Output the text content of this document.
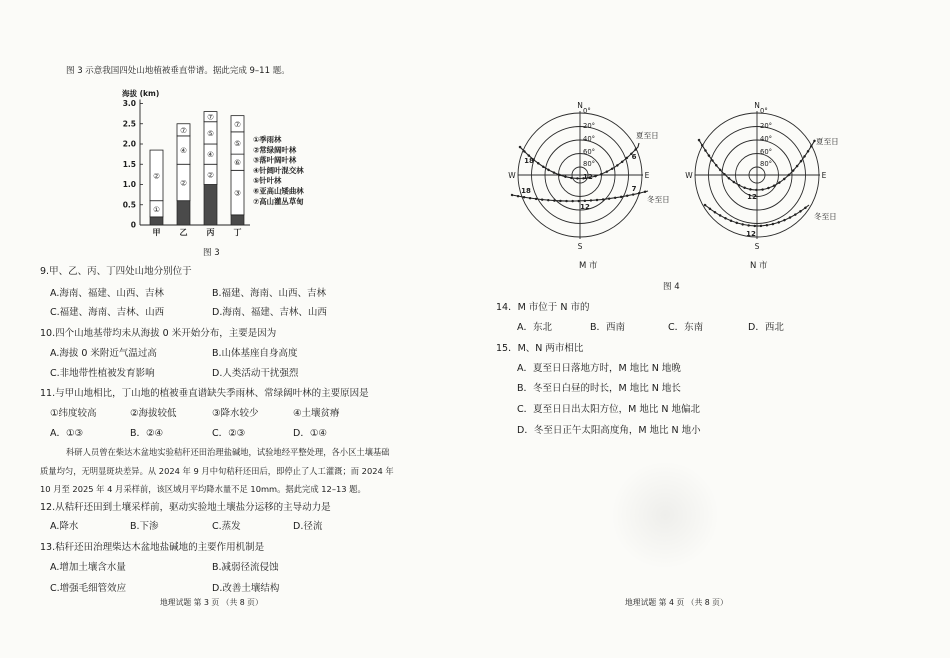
图 3 示意我国四处山地植被垂直带谱。据此完成 9–11 题。
海拔 (km)
0
0.5
1.0
1.5
2.0
2.5
3.0
①
②
甲
②
④
⑦
乙
②
④
⑤
⑦
丙
③
⑥
⑤
⑦
丁
①季雨林
②常绿阔叶林
③落叶阔叶林
④针阔叶混交林
⑤针叶林
⑥亚高山矮曲林
⑦高山灌丛草甸
图 3
9.甲、乙、丙、丁四处山地分别位于
A.海南、福建、山西、吉林	B.福建、海南、山西、吉林
C.福建、海南、吉林、山西	D.海南、福建、吉林、山西
10.四个山地基带均未从海拔 0 米开始分布，主要是因为
A.海拔 0 米附近气温过高	B.山体基座自身高度
C.非地带性植被发育影响	D.人类活动干扰强烈
11.与甲山地相比，丁山地的植被垂直谱缺失季雨林、常绿阔叶林的主要原因是
①纬度较高	②海拔较低	③降水较少	④土壤贫瘠
A．①③	B．②④	C．②③	D．①④
科研人员曾在柴达木盆地实验秸秆还田治理盐碱地，试验地经平整处理，各小区土壤基础
质量均匀，无明显斑块差异。从 2024 年 9 月中旬秸秆还田后，即停止了人工灌溉；而 2024 年
10 月至 2025 年 4 月采样前，该区域月平均降水量不足 10mm。据此完成 12–13 题。
12.从秸秆还田到土壤采样前，驱动实验地土壤盐分运移的主导动力是
A.降水	B.下渗	C.蒸发	D.径流
13.秸秆还田治理柴达木盆地盐碱地的主要作用机制是
A.增加土壤含水量	B.减弱径流侵蚀
C.增强毛细管效应	D.改善土壤结构
地理试题 第 3 页 （共 8 页）
N
S
W	E
0°
20°
40°
60°
80°
18
12
6
18
12
7
夏至日
冬至日
N
S
W	E
0°
20°
40°
60°
80°
12
12
夏至日
冬至日
M 市	N 市
图 4
14．M 市位于 N 市的
A．东北	B．西南	C．东南	D．西北
15．M、N 两市相比
A．夏至日日落地方时，M 地比 N 地晚
B．冬至日白昼的时长，M 地比 N 地长
C．夏至日日出太阳方位，M 地比 N 地偏北
D．冬至日正午太阳高度角，M 地比 N 地小
地理试题 第 4 页 （共 8 页）
